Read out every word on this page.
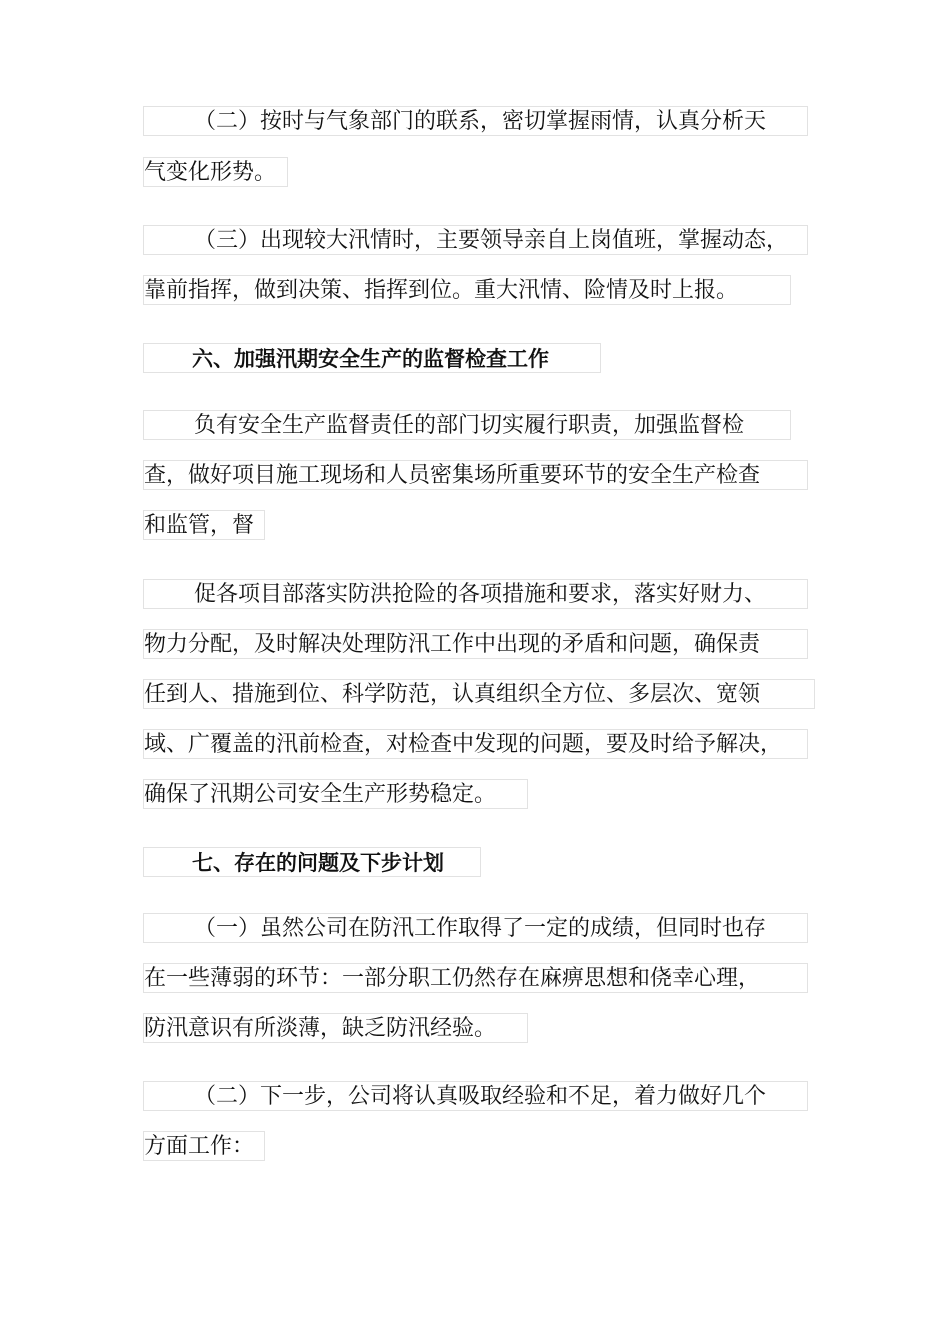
（二）按时与气象部门的联系，密切掌握雨情，认真分析天
气变化形势。
（三）出现较大汛情时，主要领导亲自上岗值班，掌握动态，
靠前指挥，做到决策、指挥到位。重大汛情、险情及时上报。
六、加强汛期安全生产的监督检查工作
负有安全生产监督责任的部门切实履行职责，加强监督检
查，做好项目施工现场和人员密集场所重要环节的安全生产检查
和监管，督
促各项目部落实防洪抢险的各项措施和要求，落实好财力、
物力分配，及时解决处理防汛工作中出现的矛盾和问题，确保责
任到人、措施到位、科学防范，认真组织全方位、多层次、宽领
域、广覆盖的汛前检查，对检查中发现的问题，要及时给予解决，
确保了汛期公司安全生产形势稳定。
七、存在的问题及下步计划
（一）虽然公司在防汛工作取得了一定的成绩，但同时也存
在一些薄弱的环节：一部分职工仍然存在麻痹思想和侥幸心理，
防汛意识有所淡薄，缺乏防汛经验。
（二）下一步，公司将认真吸取经验和不足，着力做好几个
方面工作：
